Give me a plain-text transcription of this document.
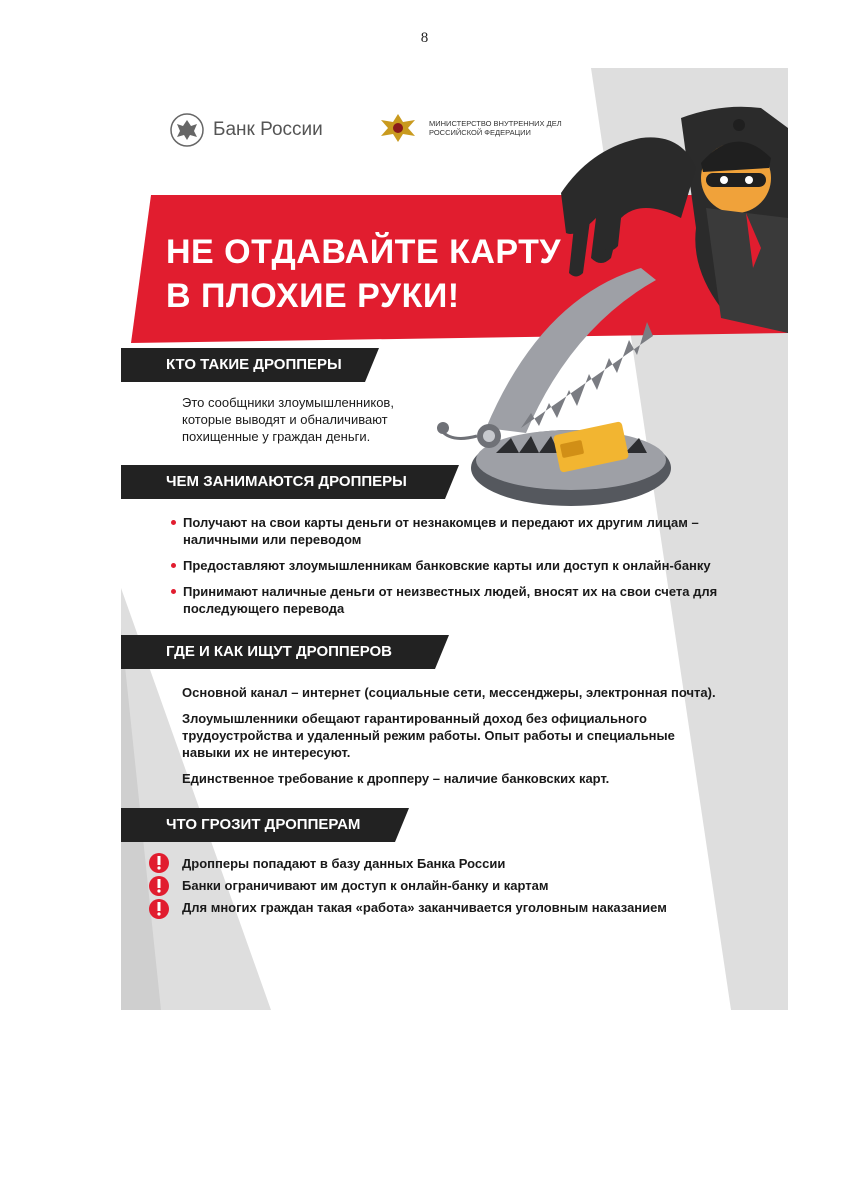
8
Банк России	МИНИСТЕРСТВО ВНУТРЕННИХ ДЕЛ РОССИЙСКОЙ ФЕДЕРАЦИИ
НЕ ОТДАВАЙТЕ КАРТУ
В ПЛОХИЕ РУКИ!
КТО ТАКИЕ ДРОППЕРЫ
Это сообщники злоумышленников, которые выводят и обналичивают похищенные у граждан деньги.
ЧЕМ ЗАНИМАЮТСЯ ДРОППЕРЫ
Получают на свои карты деньги от незнакомцев и передают их другим лицам – наличными или переводом
Предоставляют злоумышленникам банковские карты или доступ к онлайн-банку
Принимают наличные деньги от неизвестных людей, вносят их на свои счета для последующего перевода
ГДЕ И КАК ИЩУТ ДРОППЕРОВ
Основной канал – интернет (социальные сети, мессенджеры, электронная почта).
Злоумышленники обещают гарантированный доход без официального трудоустройства и удаленный режим работы. Опыт работы и специальные навыки их не интересуют.
Единственное требование к дропперу – наличие банковских карт.
ЧТО ГРОЗИТ ДРОППЕРАМ
Дропперы попадают в базу данных Банка России
Банки ограничивают им доступ к онлайн-банку и картам
Для многих граждан такая «работа» заканчивается уголовным наказанием
